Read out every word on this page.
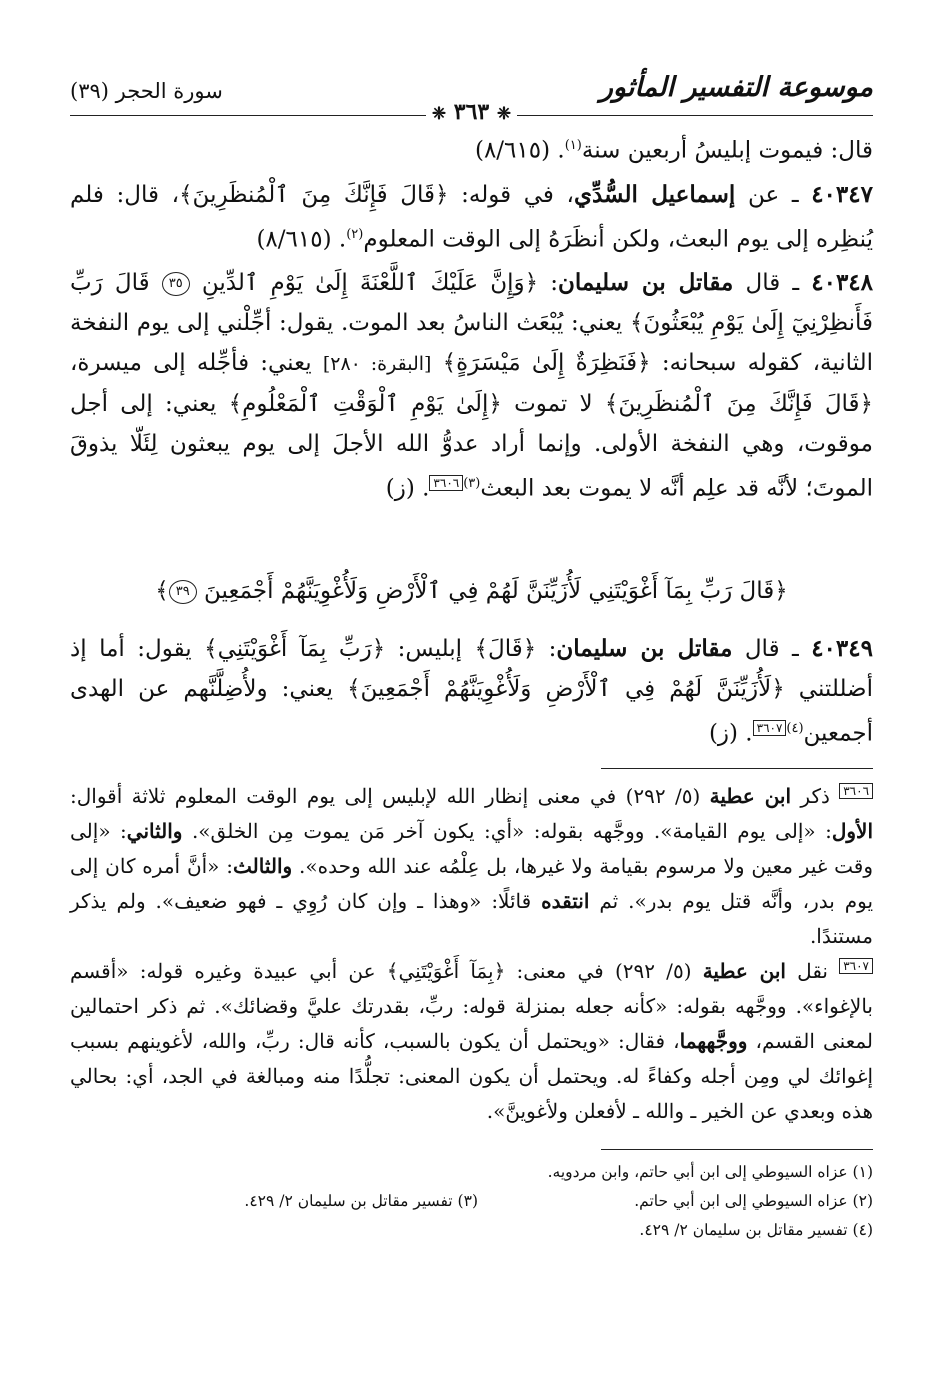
موسوعة التفسير المأثور
❈ ٣٦٣ ❈
سورة الحجر (٣٩)

قال: فيموت إبليسُ أربعين سنة$^{(١)}$. (٨/٦١٥)

٤٠٣٤٧ ـ عن إسماعيل السُّدِّي، في قوله: ﴿قَالَ فَإِنَّكَ مِنَ ٱلْمُنظَرِينَ﴾، قال: فلم يُنظِره إلى يوم البعث، ولكن أنظَرَهُ إلى الوقت المعلوم$^{(٢)}$. (٨/٦١٥)

٤٠٣٤٨ ـ قال مقاتل بن سليمان: ﴿وَإِنَّ عَلَيْكَ ٱللَّعْنَةَ إِلَىٰ يَوْمِ ٱلدِّينِ ٣٥ قَالَ رَبِّ فَأَنظِرْنِيٓ إِلَىٰ يَوْمِ يُبْعَثُونَ﴾ يعني: يُبْعَث الناسُ بعد الموت. يقول: أجِّلْني إلى يوم النفخة الثانية، كقوله سبحانه: ﴿فَنَظِرَةٌ إِلَىٰ مَيْسَرَةٍ﴾ [البقرة: ٢٨٠] يعني: فأجِّله إلى ميسرة، ﴿قَالَ فَإِنَّكَ مِنَ ٱلْمُنظَرِينَ﴾ لا تموت ﴿إِلَىٰ يَوْمِ ٱلْوَقْتِ ٱلْمَعْلُومِ﴾ يعني: إلى أجل موقوت، وهي النفخة الأولى. وإنما أراد عدوُّ الله الأجلَ إلى يوم يبعثون لِئَلّا يذوقَ الموتَ؛ لأنَّه قد علِم أنَّه لا يموت بعد البعث$^{(٣)}$٣٦٠٦. (ز)

﴿قَالَ رَبِّ بِمَآ أَغْوَيْتَنِي لَأُزَيِّنَنَّ لَهُمْ فِي ٱلْأَرْضِ وَلَأُغْوِيَنَّهُمْ أَجْمَعِينَ ٣٩﴾

٤٠٣٤٩ ـ قال مقاتل بن سليمان: ﴿قَالَ﴾ إبليس: ﴿رَبِّ بِمَآ أَغْوَيْتَنِي﴾ يقول: أما إذ أضللتني ﴿لَأُزَيِّنَنَّ لَهُمْ فِي ٱلْأَرْضِ وَلَأُغْوِيَنَّهُمْ أَجْمَعِينَ﴾ يعني: ولأُضِلَّنَّهم عن الهدى أجمعين$^{(٤)}$٣٦٠٧. (ز)

٣٦٠٦ ذكر ابن عطية (٥/ ٢٩٢) في معنى إنظار الله لإبليس إلى يوم الوقت المعلوم ثلاثة أقوال: الأول: «إلى يوم القيامة». ووجَّهه بقوله: «أي: يكون آخر مَن يموت مِن الخلق». والثاني: «إلى وقت غير معين ولا مرسوم بقيامة ولا غيرها، بل عِلْمُه عند الله وحده». والثالث: «أنَّ أمره كان إلى يوم بدر، وأنَّه قتل يوم بدر». ثم انتقده قائلًا: «وهذا ـ وإن كان رُوِي ـ فهو ضعيف». ولم يذكر مستندًا.

٣٦٠٧ نقل ابن عطية (٥/ ٢٩٢) في معنى: ﴿بِمَآ أَغْوَيْتَنِي﴾ عن أبي عبيدة وغيره قوله: «أقسم بالإغواء». ووجَّهه بقوله: «كأنه جعله بمنزلة قوله: ربِّ، بقدرتك عليَّ وقضائك». ثم ذكر احتمالين لمعنى القسم، ووجَّههما، فقال: «ويحتمل أن يكون بالسبب، كأنه قال: ربِّ، والله، لأغوينهم بسبب إغوائك لي ومِن أجله وكفاءً له. ويحتمل أن يكون المعنى: تجلُّدًا منه ومبالغة في الجد، أي: بحالي هذه وبعدي عن الخير ـ والله ـ لأفعلن ولأغوينَّ».

(١) عزاه السيوطي إلى ابن أبي حاتم، وابن مردويه.

(٢) عزاه السيوطي إلى ابن أبي حاتم.

(٣) تفسير مقاتل بن سليمان ٢/ ٤٢٩.

(٤) تفسير مقاتل بن سليمان ٢/ ٤٢٩.
